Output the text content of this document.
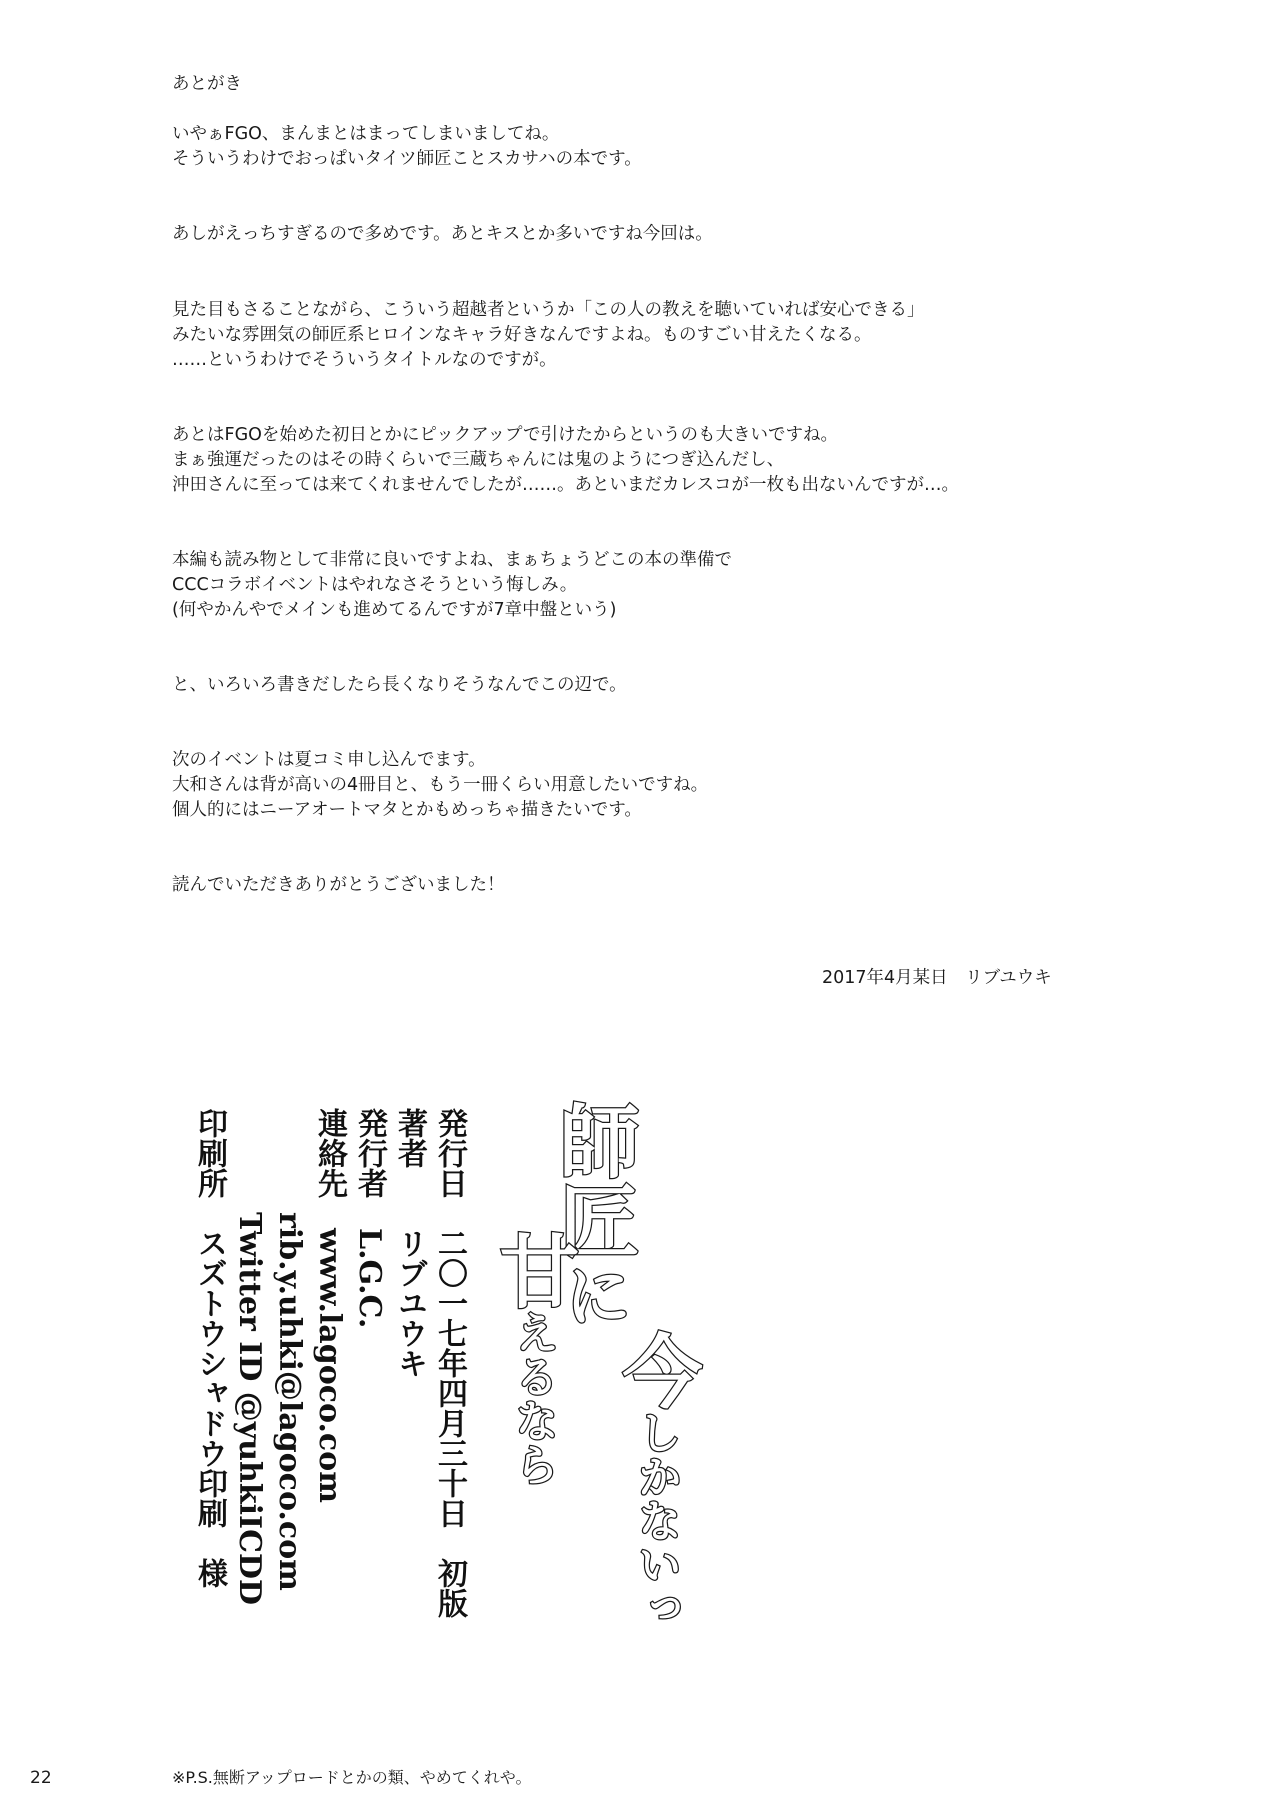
あとがき
いやぁFGO、まんまとはまってしまいましてね。
そういうわけでおっぱいタイツ師匠ことスカサハの本です。
あしがえっちすぎるので多めです。あとキスとか多いですね今回は。
見た目もさることながら、こういう超越者というか「この人の教えを聴いていれば安心できる」
みたいな雰囲気の師匠系ヒロインなキャラ好きなんですよね。ものすごい甘えたくなる。
……というわけでそういうタイトルなのですが。
あとはFGOを始めた初日とかにピックアップで引けたからというのも大きいですね。
まぁ強運だったのはその時くらいで三蔵ちゃんには鬼のようにつぎ込んだし、
沖田さんに至っては来てくれませんでしたが……。あといまだカレスコが一枚も出ないんですが…。
本編も読み物として非常に良いですよね、まぁちょうどこの本の準備で
CCCコラボイベントはやれなさそうという悔しみ。
(何やかんやでメインも進めてるんですが7章中盤という)
と、いろいろ書きだしたら長くなりそうなんでこの辺で。
次のイベントは夏コミ申し込んでます。
大和さんは背が高いの4冊目と、もう一冊くらい用意したいですね。
個人的にはニーアオートマタとかもめっちゃ描きたいです。
読んでいただきありがとうございました！
2017年4月某日　リブユウキ
師匠に
甘えるなら 今しかないっ
発行日　二〇一七年四月三十日　初版
著者　　リブユウキ
発行者　L.G.C.
連絡先　www.lagoco.com
rib.y.uhki@lagoco.com
Twitter ID @yuhkiICDD
印刷所　スズトウシャドウ印刷　様
22	※P.S.無断アップロードとかの類、やめてくれや。
